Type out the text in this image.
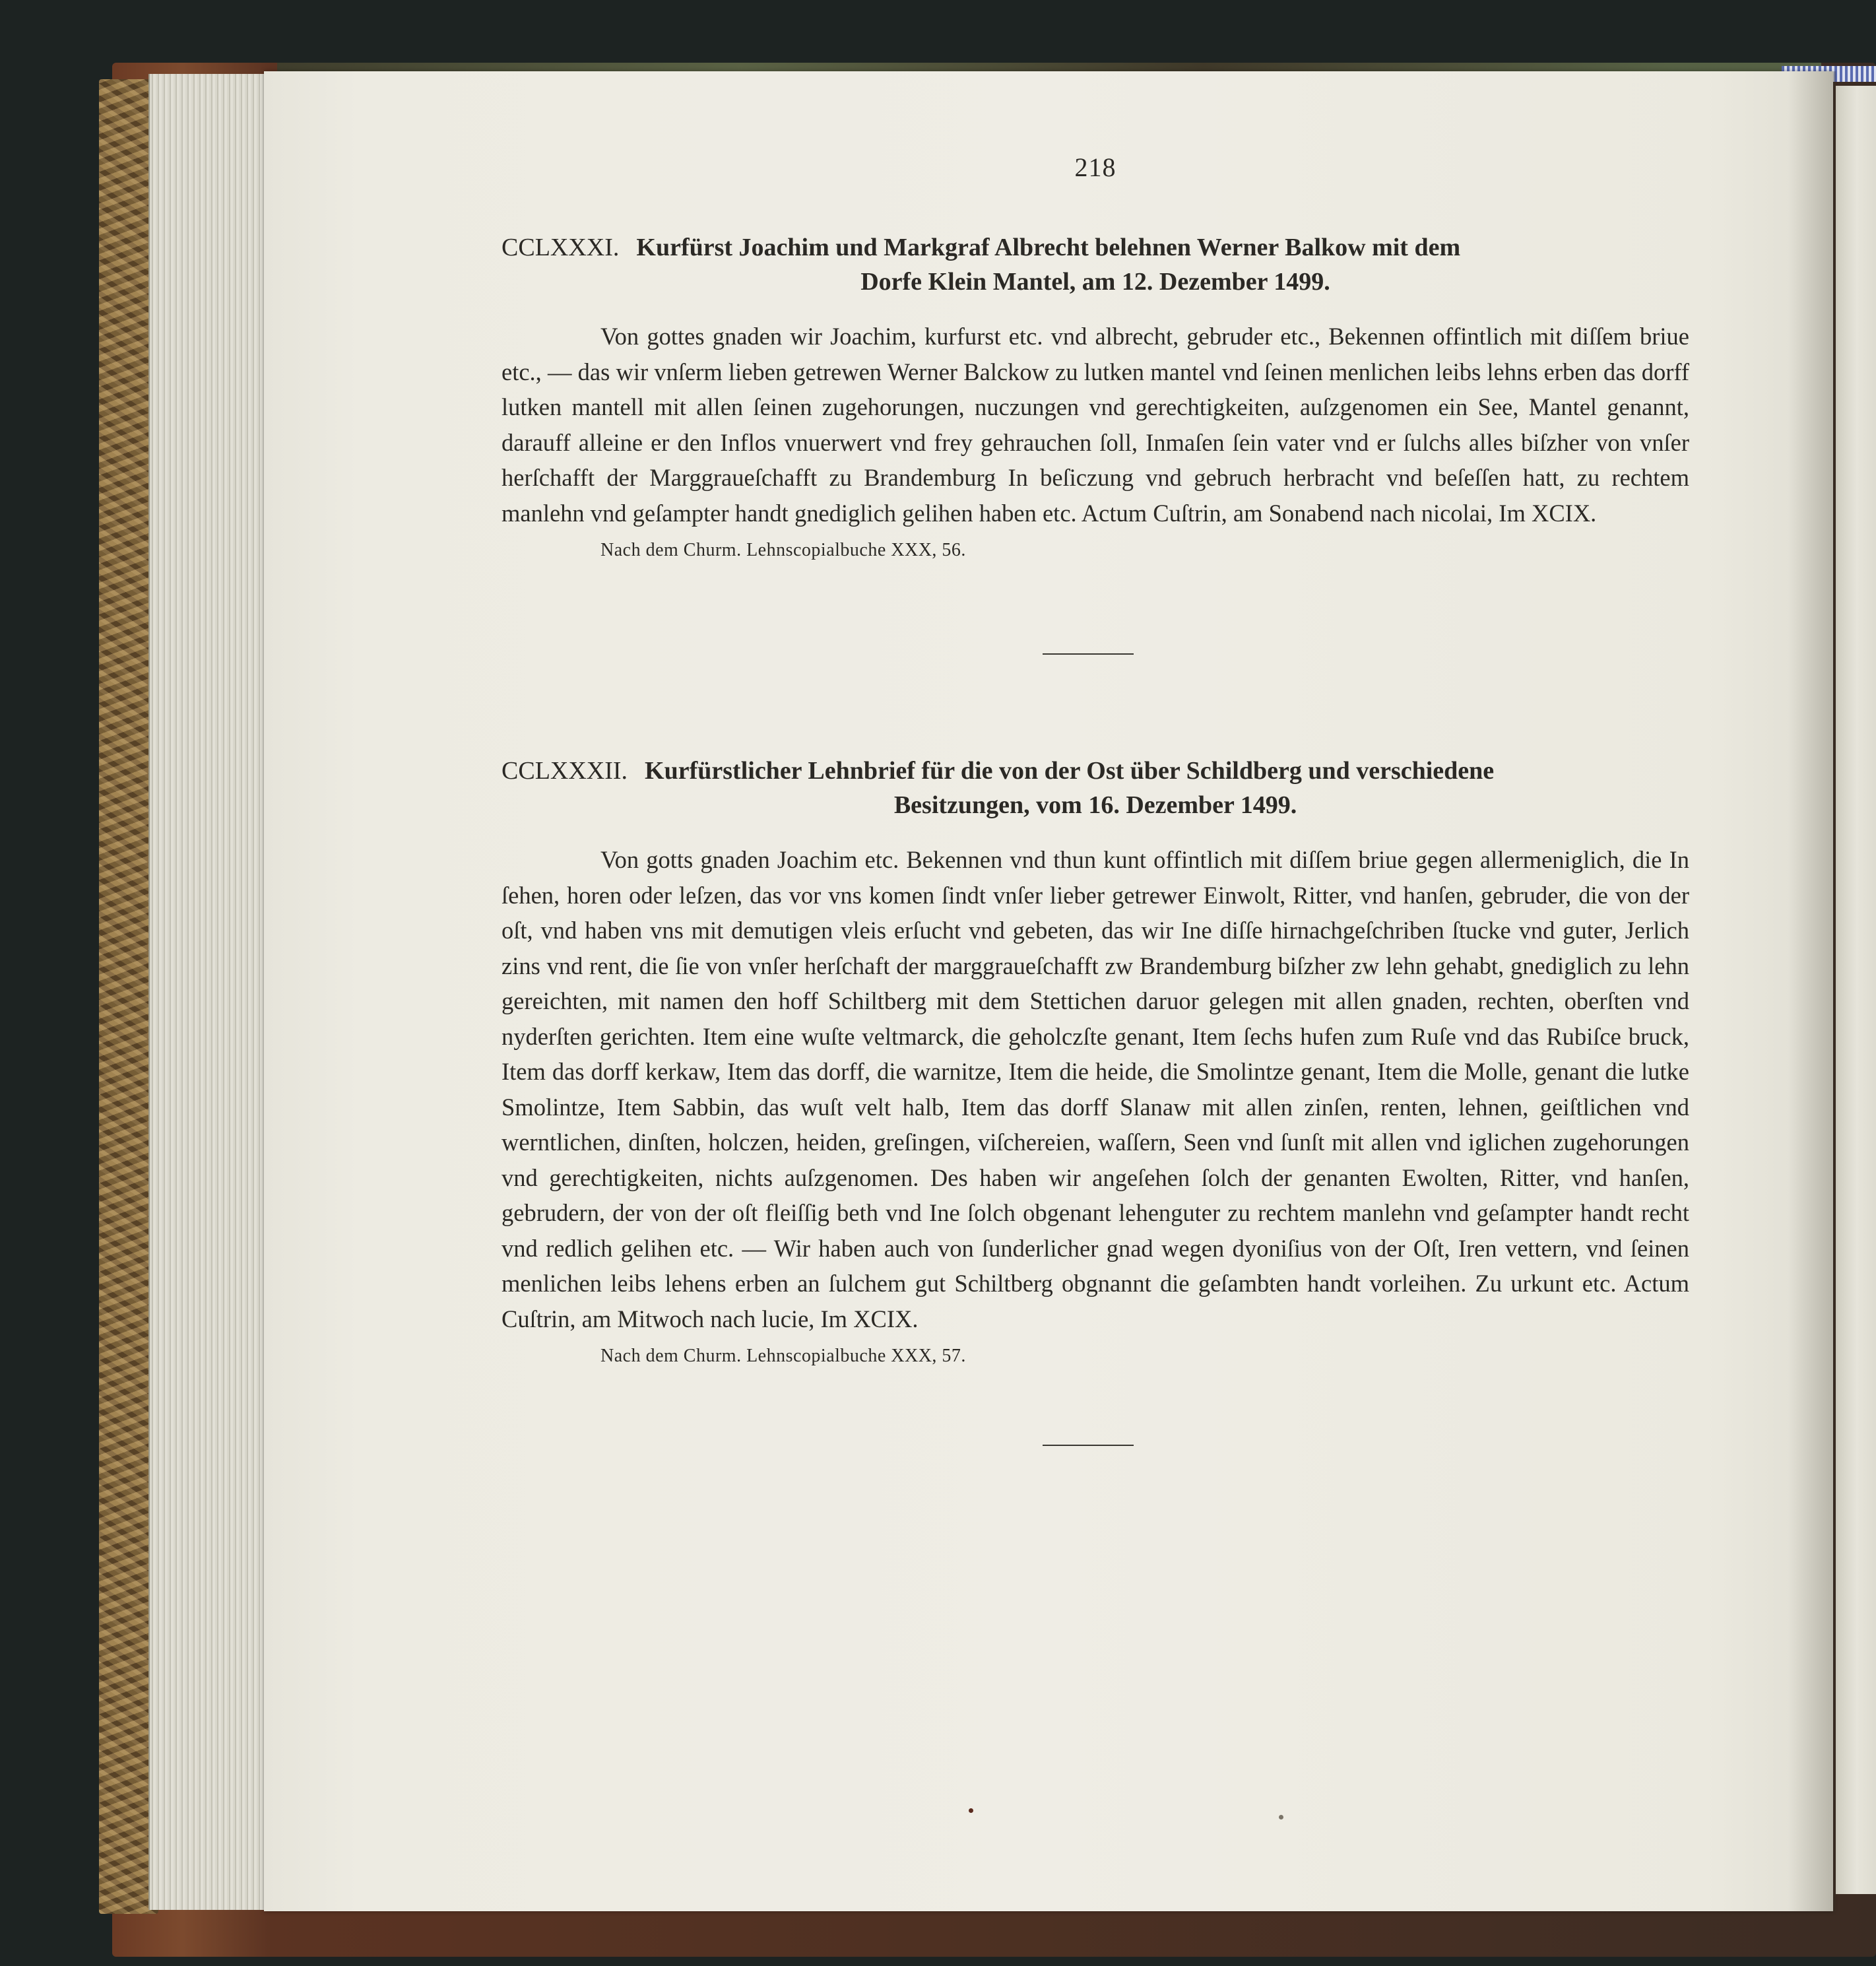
218
CCLXXXI. Kurfürst Joachim und Markgraf Albrecht belehnen Werner Balkow mit dem
Dorfe Klein Mantel, am 12. Dezember 1499.

Von gottes gnaden wir Joachim, kurfurst etc. vnd albrecht, gebruder etc., Bekennen offintlich mit diſſem briue etc., — das wir vnſerm lieben getrewen Werner Balckow zu lutken mantel vnd ſeinen menlichen leibs lehns erben das dorff lutken mantell mit allen ſeinen zugehorungen, nuczungen vnd gerechtigkeiten, auſzgenomen ein See, Mantel genannt, darauff alleine er den Inflos vnuerwert vnd frey gehrauchen ſoll, Inmaſen ſein vater vnd er ſulchs alles biſzher von vnſer herſchafft der Marggraueſchafft zu Brandemburg In beſiczung vnd gebruch herbracht vnd beſeſſen hatt, zu rechtem manlehn vnd geſampter handt gnediglich gelihen haben etc. Actum Cuſtrin, am Sonabend nach nicolai, Im XCIX.

Nach dem Churm. Lehnscopialbuche XXX, 56.
CCLXXXII. Kurfürstlicher Lehnbrief für die von der Ost über Schildberg und verschiedene
Besitzungen, vom 16. Dezember 1499.

Von gotts gnaden Joachim etc. Bekennen vnd thun kunt offintlich mit diſſem briue gegen allermeniglich, die In ſehen, horen oder leſzen, das vor vns komen ſindt vnſer lieber getrewer Einwolt, Ritter, vnd hanſen, gebruder, die von der oſt, vnd haben vns mit demutigen vleis erſucht vnd gebeten, das wir Ine diſſe hirnachgeſchriben ſtucke vnd guter, Jerlich zins vnd rent, die ſie von vnſer herſchaft der marggraueſchafft zw Brandemburg biſzher zw lehn gehabt, gnediglich zu lehn gereichten, mit namen den hoff Schiltberg mit dem Stettichen daruor gelegen mit allen gnaden, rechten, oberſten vnd nyderſten gerichten. Item eine wuſte veltmarck, die geholczſte genant, Item ſechs hufen zum Ruſe vnd das Rubiſce bruck, Item das dorff kerkaw, Item das dorff, die warnitze, Item die heide, die Smolintze genant, Item die Molle, genant die lutke Smolintze, Item Sabbin, das wuſt velt halb, Item das dorff Slanaw mit allen zinſen, renten, lehnen, geiſtlichen vnd werntlichen, dinſten, holczen, heiden, greſingen, viſchereien, waſſern, Seen vnd ſunſt mit allen vnd iglichen zugehorungen vnd gerechtigkeiten, nichts auſzgenomen. Des haben wir angeſehen ſolch der genanten Ewolten, Ritter, vnd hanſen, gebrudern, der von der oſt fleiſſig beth vnd Ine ſolch obgenant lehenguter zu rechtem manlehn vnd geſampter handt recht vnd redlich gelihen etc. — Wir haben auch von ſunderlicher gnad wegen dyoniſius von der Oſt, Iren vettern, vnd ſeinen menlichen leibs lehens erben an ſulchem gut Schiltberg obgnannt die geſambten handt vorleihen. Zu urkunt etc. Actum Cuſtrin, am Mitwoch nach lucie, Im XCIX.

Nach dem Churm. Lehnscopialbuche XXX, 57.
